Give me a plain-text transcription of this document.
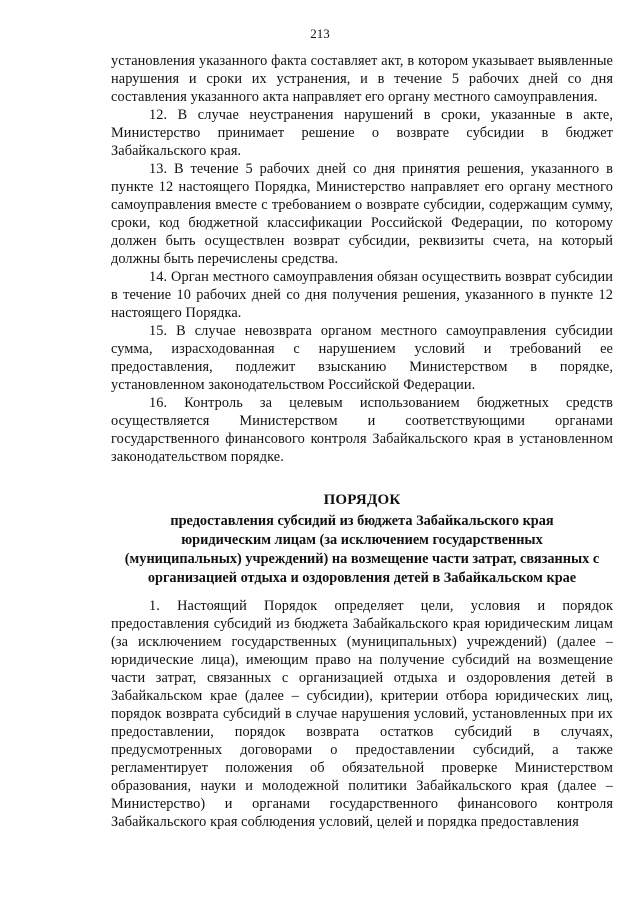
213

установления указанного факта составляет акт, в котором указывает выявленные нарушения и сроки их устранения, и в течение 5 рабочих дней со дня составления указанного акта направляет его органу местного самоуправления.

12. В случае неустранения нарушений в сроки, указанные в акте, Министерство принимает решение о возврате субсидии в бюджет Забайкальского края.

13. В течение 5 рабочих дней со дня принятия решения, указанного в пункте 12 настоящего Порядка, Министерство направляет его органу местного самоуправления вместе с требованием о возврате субсидии, содержащим сумму, сроки, код бюджетной классификации Российской Федерации, по которому должен быть осуществлен возврат субсидии, реквизиты счета, на который должны быть перечислены средства.

14. Орган местного самоуправления обязан осуществить возврат субсидии в течение 10 рабочих дней со дня получения решения, указанного в пункте 12 настоящего Порядка.

15. В случае невозврата органом местного самоуправления субсидии сумма, израсходованная с нарушением условий и требований ее предоставления, подлежит взысканию Министерством в порядке, установленном законодательством Российской Федерации.

16. Контроль за целевым использованием бюджетных средств осуществляется Министерством и соответствующими органами государственного финансового контроля Забайкальского края в установленном законодательством порядке.

ПОРЯДОК
предоставления субсидий из бюджета Забайкальского края
юридическим лицам (за исключением государственных
(муниципальных) учреждений) на возмещение части затрат, связанных с
организацией отдыха и оздоровления детей в Забайкальском крае

1. Настоящий Порядок определяет цели, условия и порядок предоставления субсидий из бюджета Забайкальского края юридическим лицам (за исключением государственных (муниципальных) учреждений) (далее – юридические лица), имеющим право на получение субсидий на возмещение части затрат, связанных с организацией отдыха и оздоровления детей в Забайкальском крае (далее – субсидии), критерии отбора юридических лиц, порядок возврата субсидий в случае нарушения условий, установленных при их предоставлении, порядок возврата остатков субсидий в случаях, предусмотренных договорами о предоставлении субсидий, а также регламентирует положения об обязательной проверке Министерством образования, науки и молодежной политики Забайкальского края (далее – Министерство) и органами государственного финансового контроля Забайкальского края соблюдения условий, целей и порядка предоставления
